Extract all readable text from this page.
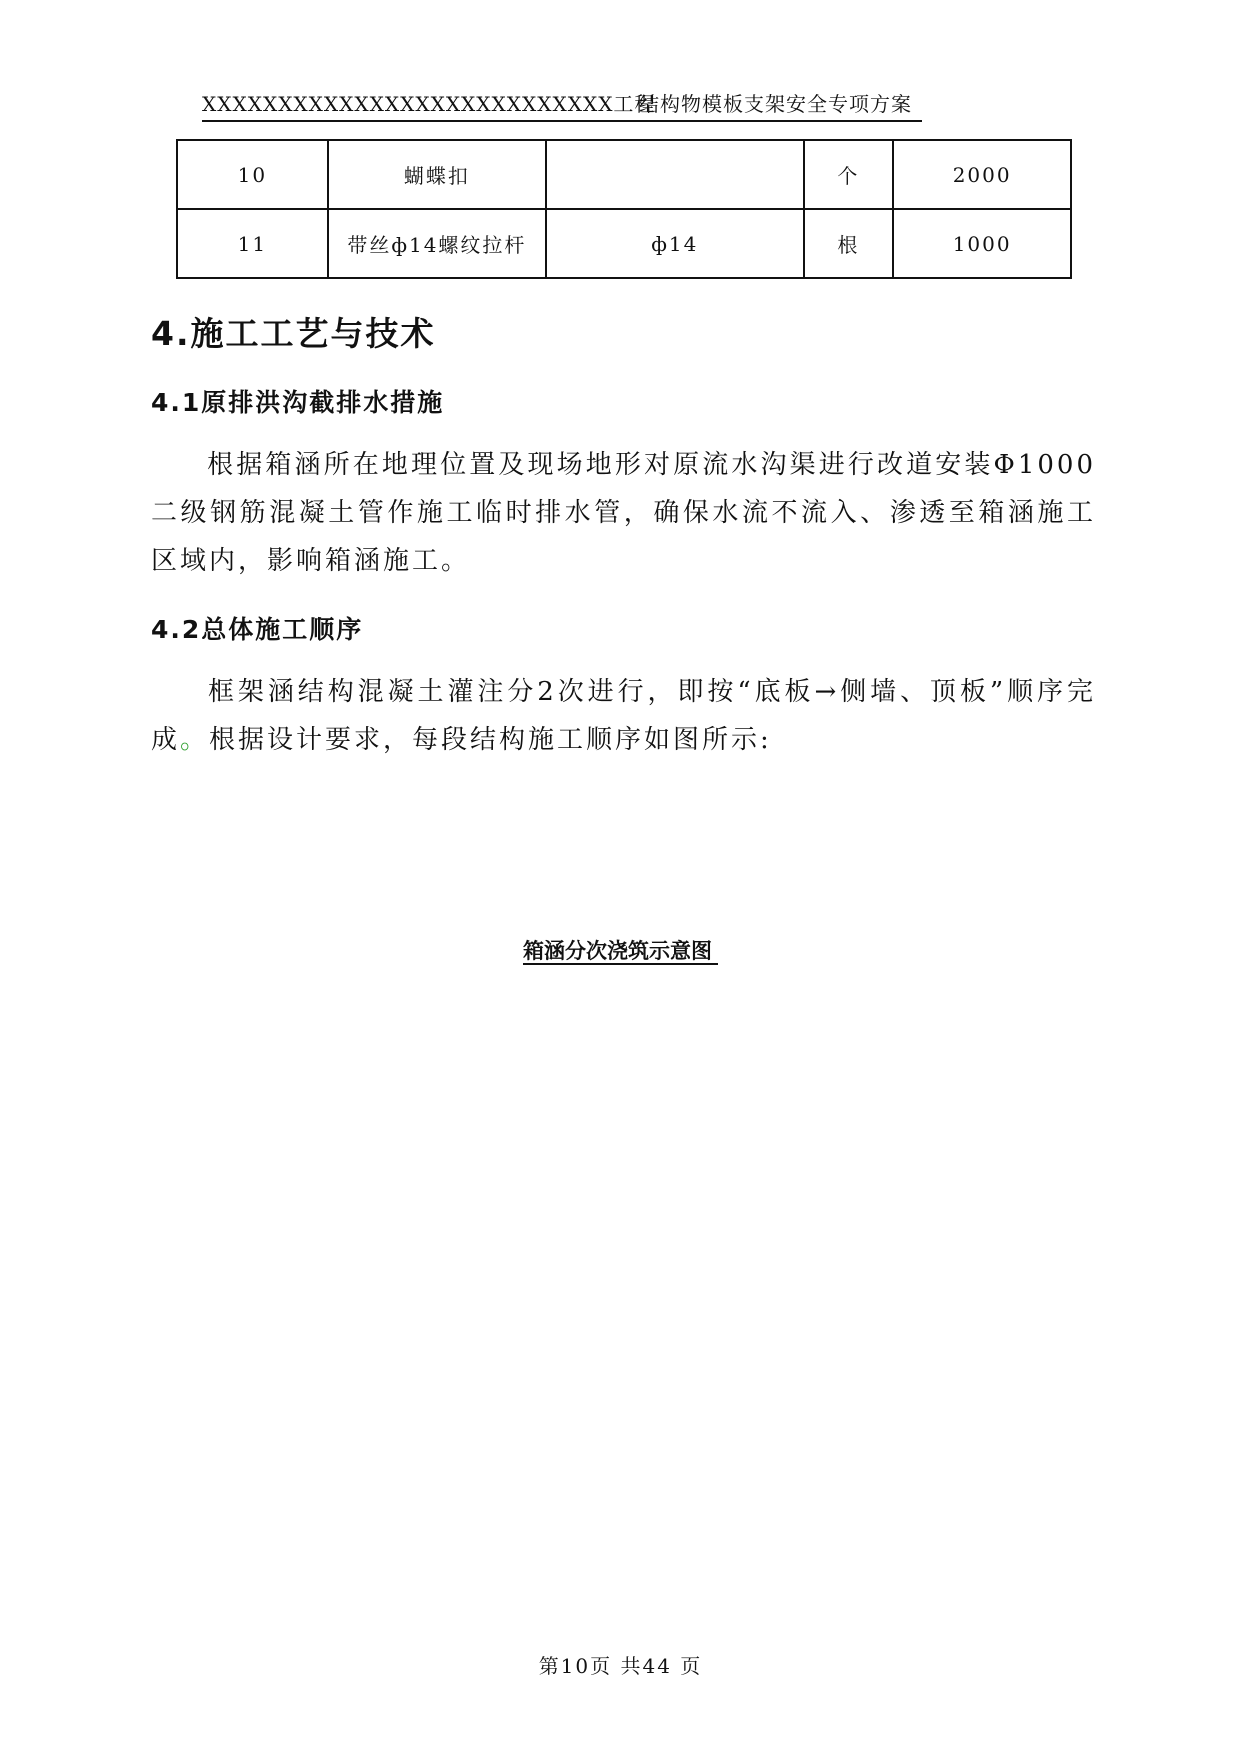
XXXXXXXXXXXXXXXXXXXXXXXXXXX工程
结构物模板支架安全专项方案
10	蝴蝶扣		个	2000
11	带丝ф14螺纹拉杆	ф14	根	1000
4.施工工艺与技术
4.1原排洪沟截排水措施
根据箱涵所在地理位置及现场地形对原流水沟渠进行改道安装Φ1000二级钢筋混凝土管作施工临时排水管，确保水流不流入、渗透至箱涵施工区域内，影响箱涵施工。
4.2总体施工顺序
框架涵结构混凝土灌注分2次进行，即按“底板→侧墙、顶板”顺序完成。根据设计要求，每段结构施工顺序如图所示:
箱涵分次浇筑示意图
第10页 共44 页
